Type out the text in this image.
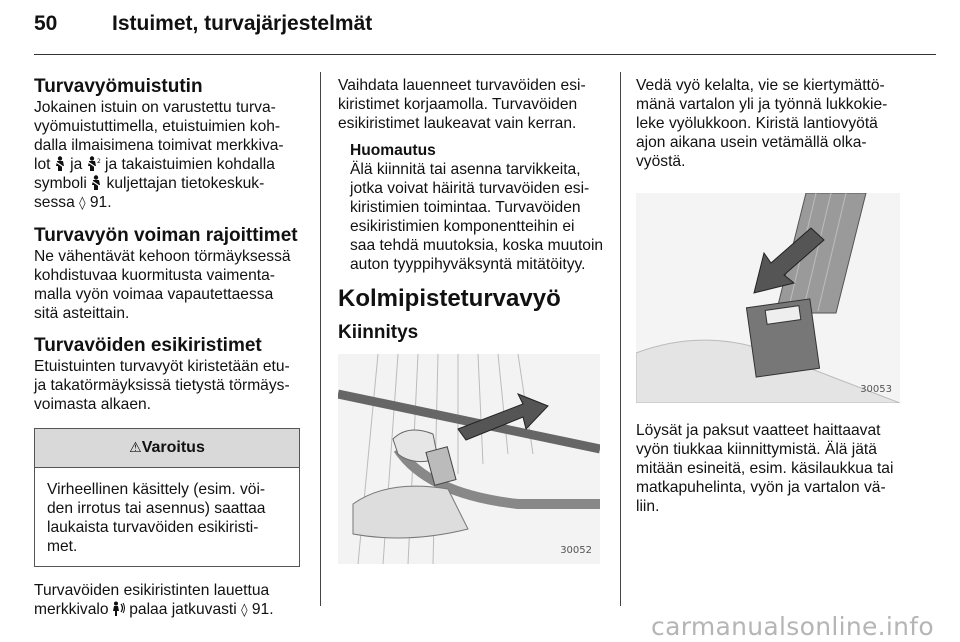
50	Istuimet, turvajärjestelmät
Turvavyömuistutin

Jokainen istuin on varustettu turva-
vyömuistuttimella, etuistuimien koh-
dalla ilmaisimena toimivat merkkiva-
lot ja 2 ja takaistuimien kohdalla
symboli kuljettajan tietokeskuk-
sessa ◊ 91.

Turvavyön voiman rajoittimet

Ne vähentävät kehoon törmäyksessä
kohdistuvaa kuormitusta vaimenta-
malla vyön voimaa vapautettaessa
sitä asteittain.

Turvavöiden esikiristimet

Etuistuinten turvavyöt kiristetään etu-
ja takatörmäyksissä tietystä törmäys-
voimasta alkaen.

⚠Varoitus
Virheellinen käsittely (esim. vöi-
den irrotus tai asennus) saattaa
laukaista turvavöiden esikiristi-
met.

Turvavöiden esikiristinten lauettua
merkkivalo palaa jatkuvasti ◊ 91.

Vaihdata lauenneet turvavöiden esi-
kiristimet korjaamolla. Turvavöiden
esikiristimet laukeavat vain kerran.

Huomautus
Älä kiinnitä tai asenna tarvikkeita,
jotka voivat häiritä turvavöiden esi-
kiristimien toimintaa. Turvavöiden
esikiristimien komponentteihin ei
saa tehdä muutoksia, koska muutoin
auton tyyppihyväksyntä mitätöityy.
Kolmipisteturvavyö
Kiinnitys
30052

Vedä vyö kelalta, vie se kiertymättö-
mänä vartalon yli ja työnnä lukkokie-
leke vyölukkoon. Kiristä lantiovyötä
ajon aikana usein vetämällä olka-
vyöstä.

30053

Löysät ja paksut vaatteet haittaavat
vyön tiukkaa kiinnittymistä. Älä jätä
mitään esineitä, esim. käsilaukkua tai
matkapuhelinta, vyön ja vartalon vä-
liin.

carmanualsonline.info
